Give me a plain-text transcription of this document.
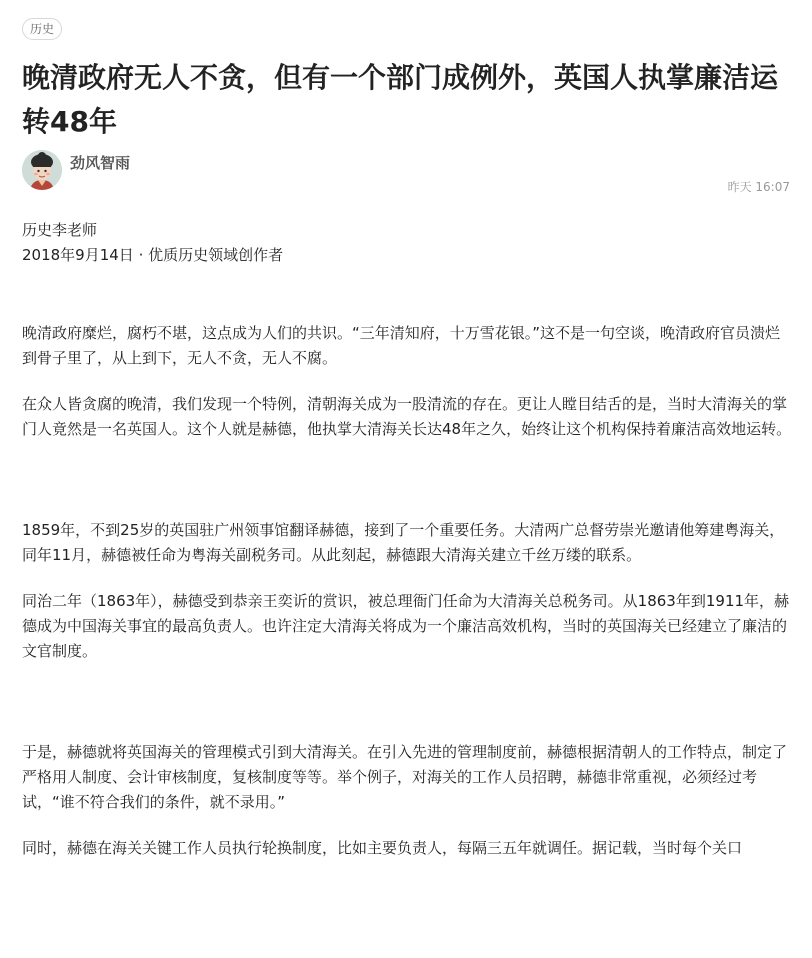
历史
晚清政府无人不贪，但有一个部门成例外，英国人执掌廉洁运转48年
劲风智雨
昨天 16:07

历史李老师

2018年9月14日 · 优质历史领域创作者

晚清政府糜烂，腐朽不堪，这点成为人们的共识。“三年清知府，十万雪花银。”这不是一句空谈，晚清政府官员溃烂到骨子里了，从上到下，无人不贪，无人不腐。

在众人皆贪腐的晚清，我们发现一个特例，清朝海关成为一股清流的存在。更让人瞠目结舌的是，当时大清海关的掌门人竟然是一名英国人。这个人就是赫德，他执掌大清海关长达48年之久，始终让这个机构保持着廉洁高效地运转。

1859年，不到25岁的英国驻广州领事馆翻译赫德，接到了一个重要任务。大清两广总督劳崇光邀请他筹建粤海关，同年11月，赫德被任命为粤海关副税务司。从此刻起，赫德跟大清海关建立千丝万缕的联系。

同治二年（1863年），赫德受到恭亲王奕䜣的赏识，被总理衙门任命为大清海关总税务司。从1863年到1911年，赫德成为中国海关事宜的最高负责人。也许注定大清海关将成为一个廉洁高效机构，当时的英国海关已经建立了廉洁的文官制度。

于是，赫德就将英国海关的管理模式引到大清海关。在引入先进的管理制度前，赫德根据清朝人的工作特点，制定了严格用人制度、会计审核制度，复核制度等等。举个例子，对海关的工作人员招聘，赫德非常重视，必须经过考试，“谁不符合我们的条件，就不录用。”

同时，赫德在海关关键工作人员执行轮换制度，比如主要负责人，每隔三五年就调任。据记载，当时每个关口
